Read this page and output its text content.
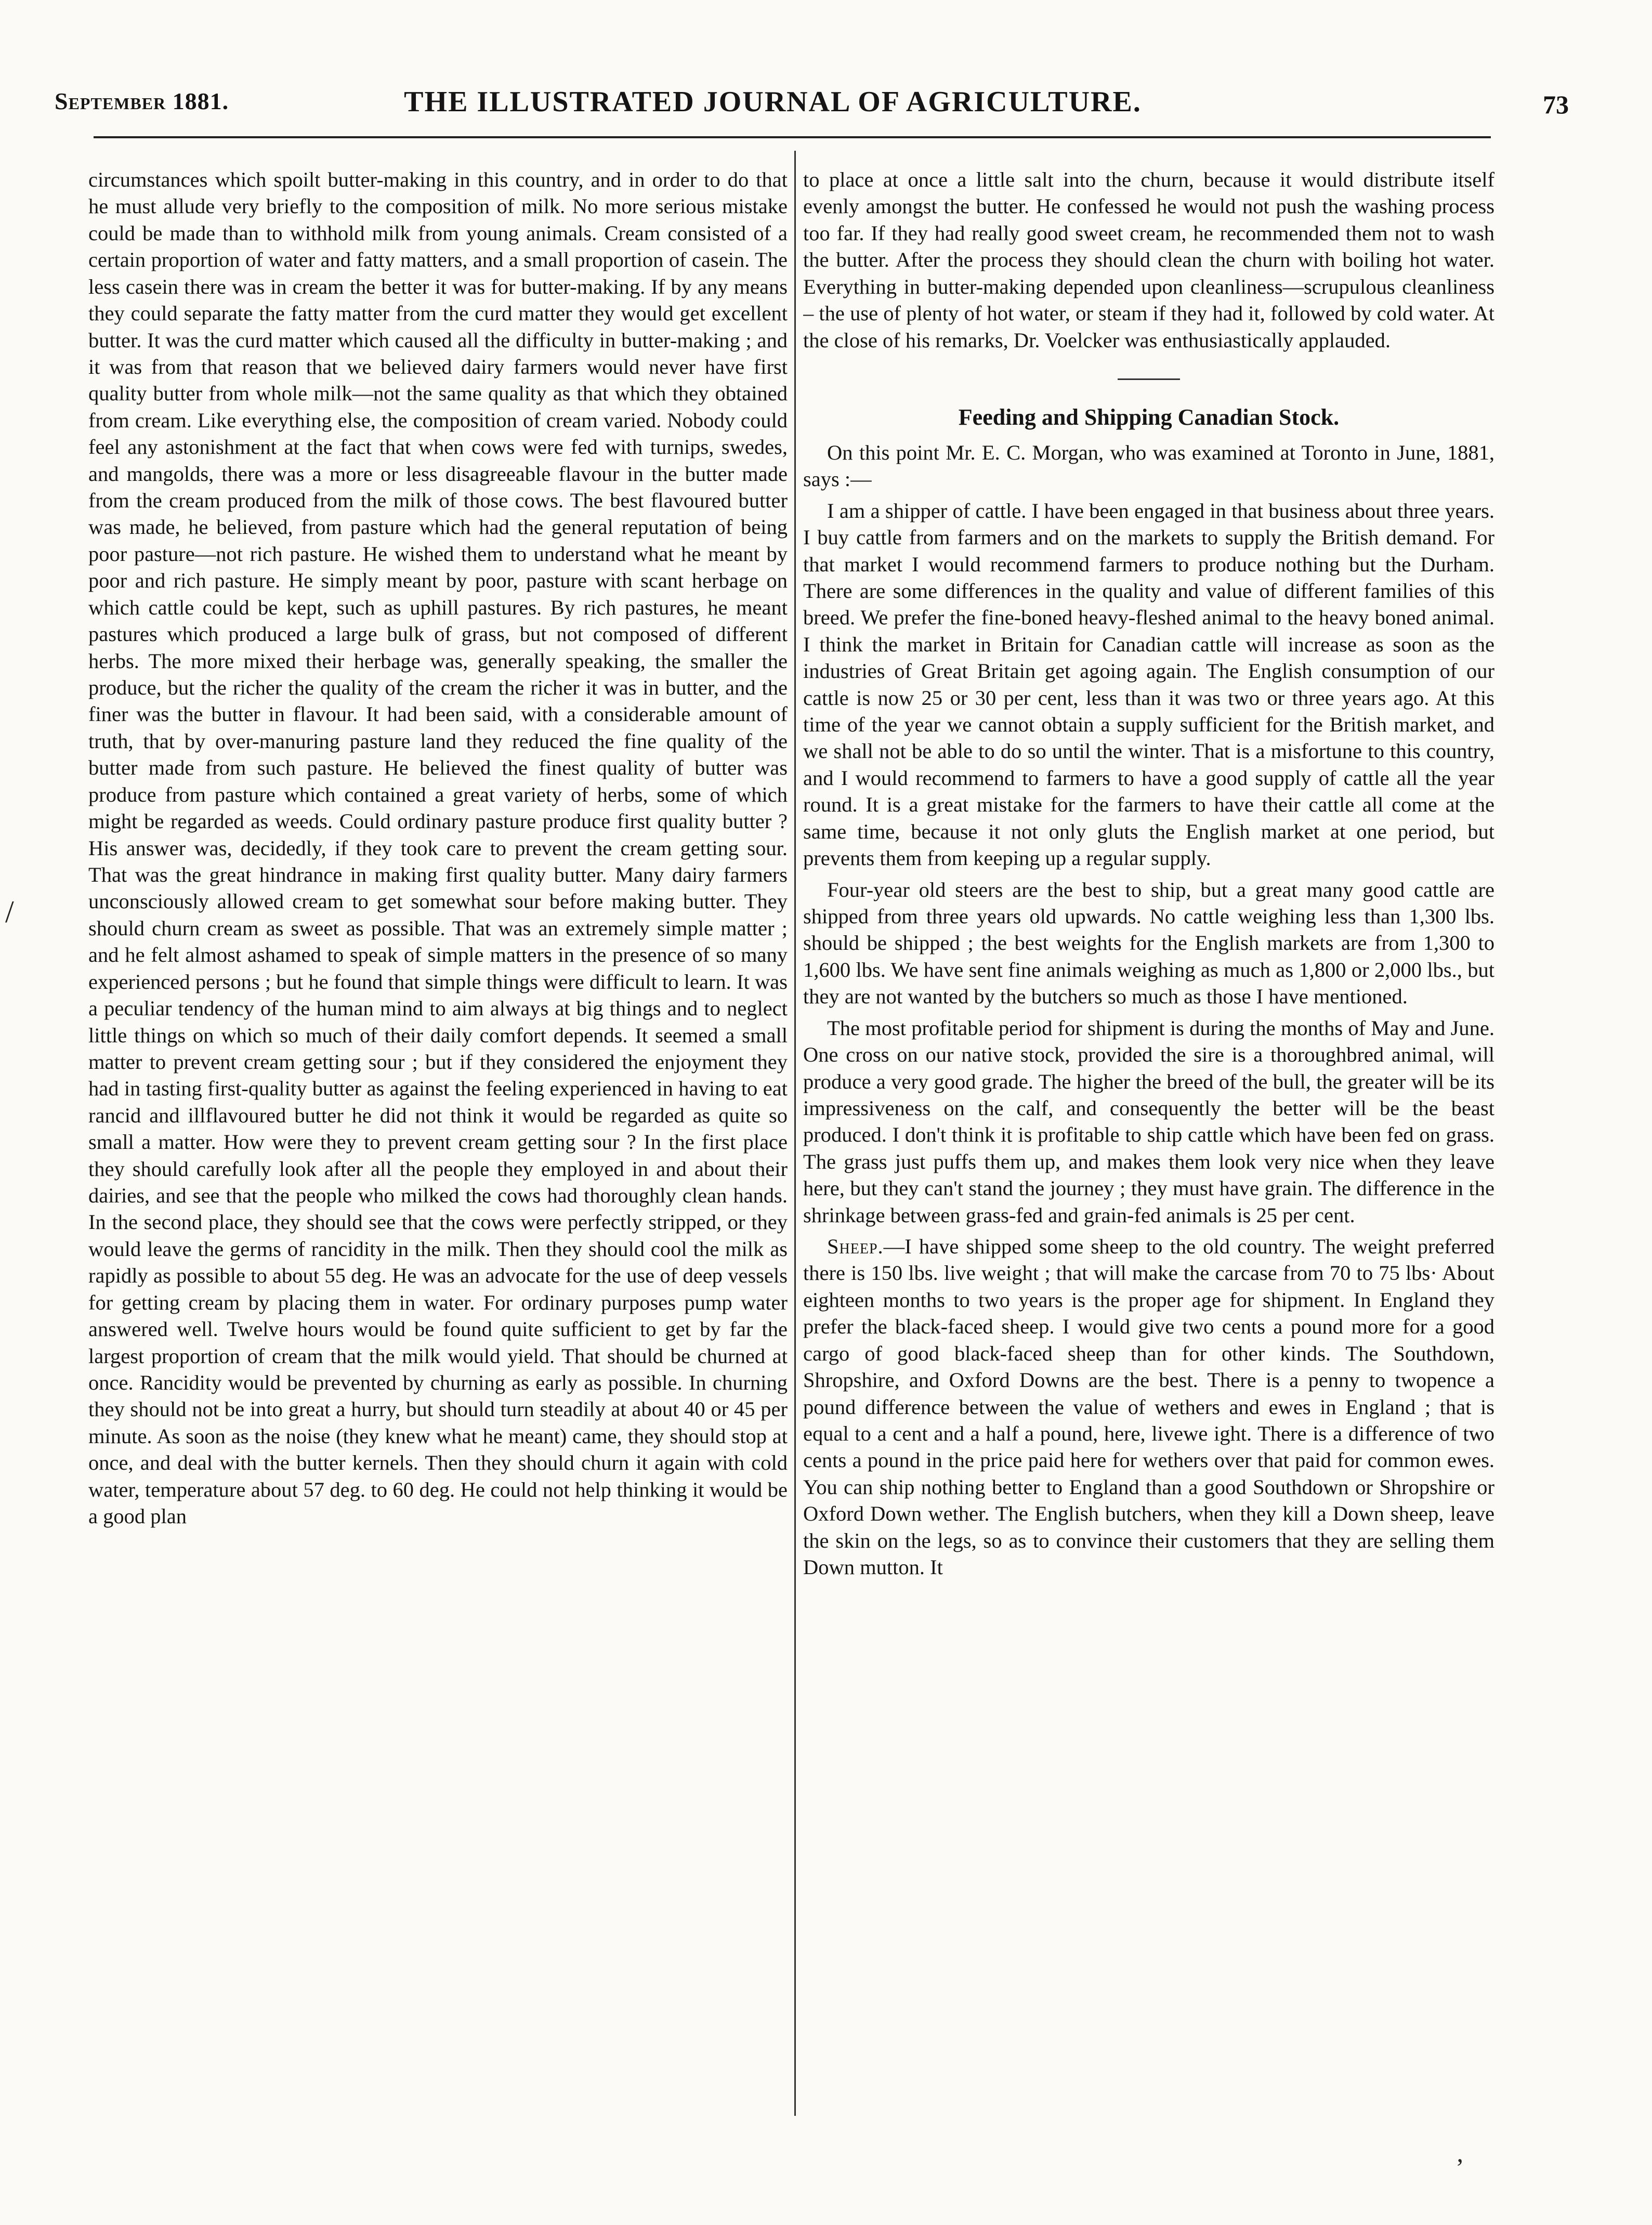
September 1881.	THE ILLUSTRATED JOURNAL OF AGRICULTURE.	73

circumstances which spoilt butter-making in this country, and in order to do that he must allude very briefly to the composition of milk. No more serious mistake could be made than to withhold milk from young animals. Cream consisted of a certain proportion of water and fatty matters, and a small proportion of casein. The less casein there was in cream the better it was for butter-making. If by any means they could separate the fatty matter from the curd matter they would get excellent butter. It was the curd matter which caused all the difficulty in butter-making ; and it was from that reason that we believed dairy farmers would never have first quality butter from whole milk—not the same quality as that which they obtained from cream. Like everything else, the composition of cream varied. Nobody could feel any astonishment at the fact that when cows were fed with turnips, swedes, and mangolds, there was a more or less disagreeable flavour in the butter made from the cream produced from the milk of those cows. The best flavoured butter was made, he believed, from pasture which had the general reputation of being poor pasture—not rich pasture. He wished them to understand what he meant by poor and rich pasture. He simply meant by poor, pasture with scant herbage on which cattle could be kept, such as uphill pastures. By rich pastures, he meant pastures which produced a large bulk of grass, but not composed of different herbs. The more mixed their herbage was, generally speaking, the smaller the produce, but the richer the quality of the cream the richer it was in butter, and the finer was the butter in flavour. It had been said, with a considerable amount of truth, that by over-manuring pasture land they reduced the fine quality of the butter made from such pasture. He believed the finest quality of butter was produce from pasture which contained a great variety of herbs, some of which might be regarded as weeds. Could ordinary pasture produce first quality butter ? His answer was, decidedly, if they took care to prevent the cream getting sour. That was the great hindrance in making first quality butter. Many dairy farmers unconsciously allowed cream to get somewhat sour before making butter. They should churn cream as sweet as possible. That was an extremely simple matter ; and he felt almost ashamed to speak of simple matters in the presence of so many experienced persons ; but he found that simple things were difficult to learn. It was a peculiar tendency of the human mind to aim always at big things and to neglect little things on which so much of their daily comfort depends. It seemed a small matter to prevent cream getting sour ; but if they considered the enjoyment they had in tasting first-quality butter as against the feeling experienced in having to eat rancid and illflavoured butter he did not think it would be regarded as quite so small a matter. How were they to prevent cream getting sour ? In the first place they should carefully look after all the people they employed in and about their dairies, and see that the people who milked the cows had thoroughly clean hands. In the second place, they should see that the cows were perfectly stripped, or they would leave the germs of rancidity in the milk. Then they should cool the milk as rapidly as possible to about 55 deg. He was an advocate for the use of deep vessels for getting cream by placing them in water. For ordinary purposes pump water answered well. Twelve hours would be found quite sufficient to get by far the largest proportion of cream that the milk would yield. That should be churned at once. Rancidity would be prevented by churning as early as possible. In churning they should not be into great a hurry, but should turn steadily at about 40 or 45 per minute. As soon as the noise (they knew what he meant) came, they should stop at once, and deal with the butter kernels. Then they should churn it again with cold water, temperature about 57 deg. to 60 deg. He could not help thinking it would be a good plan

to place at once a little salt into the churn, because it would distribute itself evenly amongst the butter. He confessed he would not push the washing process too far. If they had really good sweet cream, he recommended them not to wash the butter. After the process they should clean the churn with boiling hot water. Everything in butter-making depended upon cleanliness—scrupulous cleanliness – the use of plenty of hot water, or steam if they had it, followed by cold water. At the close of his remarks, Dr. Voelcker was enthusiastically applauded.

Feeding and Shipping Canadian Stock.

On this point Mr. E. C. Morgan, who was examined at Toronto in June, 1881, says :—

I am a shipper of cattle. I have been engaged in that business about three years. I buy cattle from farmers and on the markets to supply the British demand. For that market I would recommend farmers to produce nothing but the Durham. There are some differences in the quality and value of different families of this breed. We prefer the fine-boned heavy-fleshed animal to the heavy boned animal. I think the market in Britain for Canadian cattle will increase as soon as the industries of Great Britain get agoing again. The English consumption of our cattle is now 25 or 30 per cent, less than it was two or three years ago. At this time of the year we cannot obtain a supply sufficient for the British market, and we shall not be able to do so until the winter. That is a misfortune to this country, and I would recommend to farmers to have a good supply of cattle all the year round. It is a great mistake for the farmers to have their cattle all come at the same time, because it not only gluts the English market at one period, but prevents them from keeping up a regular supply.

Four-year old steers are the best to ship, but a great many good cattle are shipped from three years old upwards. No cattle weighing less than 1,300 lbs. should be shipped ; the best weights for the English markets are from 1,300 to 1,600 lbs. We have sent fine animals weighing as much as 1,800 or 2,000 lbs., but they are not wanted by the butchers so much as those I have mentioned.

The most profitable period for shipment is during the months of May and June. One cross on our native stock, provided the sire is a thoroughbred animal, will produce a very good grade. The higher the breed of the bull, the greater will be its impressiveness on the calf, and consequently the better will be the beast produced. I don't think it is profitable to ship cattle which have been fed on grass. The grass just puffs them up, and makes them look very nice when they leave here, but they can't stand the journey ; they must have grain. The difference in the shrinkage between grass-fed and grain-fed animals is 25 per cent.

Sheep.—I have shipped some sheep to the old country. The weight preferred there is 150 lbs. live weight ; that will make the carcase from 70 to 75 lbs· About eighteen months to two years is the proper age for shipment. In England they prefer the black-faced sheep. I would give two cents a pound more for a good cargo of good black-faced sheep than for other kinds. The Southdown, Shropshire, and Oxford Downs are the best. There is a penny to twopence a pound difference between the value of wethers and ewes in England ; that is equal to a cent and a half a pound, here, livewe ight. There is a difference of two cents a pound in the price paid here for wethers over that paid for common ewes. You can ship nothing better to England than a good Southdown or Shropshire or Oxford Down wether. The English butchers, when they kill a Down sheep, leave the skin on the legs, so as to convince their customers that they are selling them Down mutton. It

/
’
